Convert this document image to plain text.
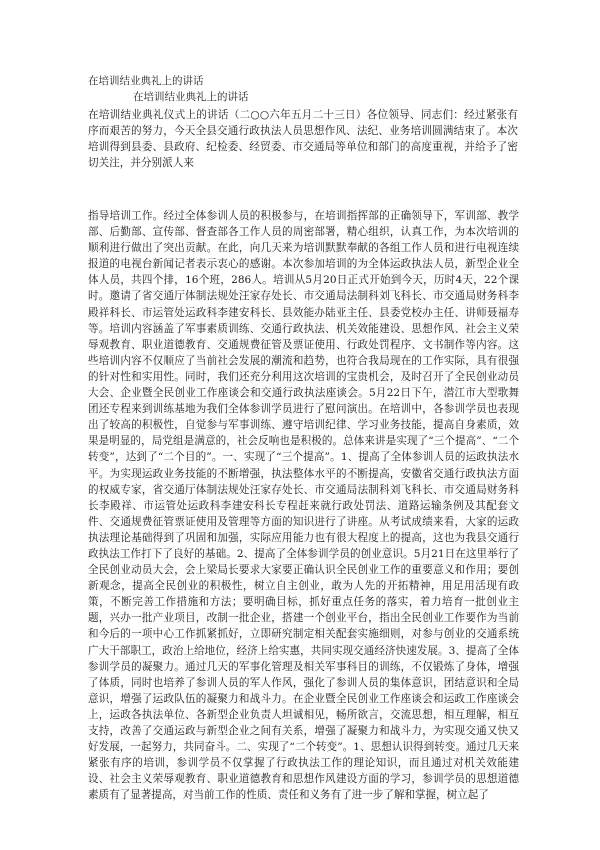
在培训结业典礼上的讲话
在培训结业典礼上的讲话

在培训结业典礼仪式上的讲话（二○○六年五月二十三日）各位领导、同志们：经过紧张有序而艰苦的努力，今天全县交通行政执法人员思想作风、法纪、业务培训圆满结束了。本次培训得到县委、县政府、纪检委、经贸委、市交通局等单位和部门的高度重视，并给予了密切关注，并分别派人来

指导培训工作。经过全体参训人员的积极参与，在培训指挥部的正确领导下，军训部、教学部、后勤部、宣传部、督查部各工作人员的周密部署，精心组织，认真工作，为本次培训的顺利进行做出了突出贡献。在此，向几天来为培训默默奉献的各组工作人员和进行电视连续报道的电视台新闻记者表示衷心的感谢。本次参加培训的为全体运政执法人员，新型企业全体人员，共四个排，16个班，286人。培训从5月20日正式开始到今天，历时4天，22个课时。邀请了省交通厅体制法规处汪家存处长、市交通局法制科刘飞科长、市交通局财务科李殿祥科长、市运管处运政科李建安科长、县效能办陆亚主任、县委党校办主任、讲师聂福寿等。培训内容涵盖了军事素质训练、交通行政执法、机关效能建设、思想作风、社会主义荣辱观教育、职业道德教育、交通规费征管及票证使用、行政处罚程序、文书制作等内容。这些培训内容不仅顺应了当前社会发展的潮流和趋势，也符合我局现在的工作实际，具有很强的针对性和实用性。同时，我们还充分利用这次培训的宝贵机会，及时召开了全民创业动员大会、企业暨全民创业工作座谈会和交通行政执法座谈会。5月22日下午，潜江市大型歌舞团还专程来到训练基地为我们全体参训学员进行了慰问演出。在培训中，各参训学员也表现出了较高的积极性，自觉参与军事训练、遵守培训纪律、学习业务技能，提高自身素质，效果是明显的，局党组是满意的，社会反响也是积极的。总体来讲是实现了“三个提高”、“二个转变”，达到了“二个目的”。一、实现了“三个提高”。1、提高了全体参训人员的运政执法水平。为实现运政业务技能的不断增强，执法整体水平的不断提高，安徽省交通行政执法方面的权威专家，省交通厅体制法规处汪家存处长、市交通局法制科刘飞科长、市交通局财务科长李殿祥、市运管处运政科李建安科长专程赶来就行政处罚法、道路运输条例及其配套文件、交通规费征管票证使用及管理等方面的知识进行了讲座。从考试成绩来看，大家的运政执法理论基础得到了巩固和加强，实际应用能力也有很大程度上的提高，这也为我县交通行政执法工作打下了良好的基础。2、提高了全体参训学员的创业意识。5月21日在这里举行了全民创业动员大会，会上梁局长要求大家要正确认识全民创业工作的重要意义和作用；要创新观念，提高全民创业的积极性，树立自主创业，敢为人先的开拓精神，用足用活现有政策，不断完善工作措施和方法；要明确目标，抓好重点任务的落实，着力培育一批创业主题，兴办一批产业项目，改制一批企业，搭建一个创业平台，指出全民创业工作要作为当前和今后的一项中心工作抓紧抓好，立即研究制定相关配套实施细则，对参与创业的交通系统广大干部职工，政治上给地位，经济上给实惠，共同实现交通经济快速发展。3、提高了全体参训学员的凝聚力。通过几天的军事化管理及相关军事科目的训练，不仅锻炼了身体，增强了体质，同时也培养了参训人员的军人作风，强化了参训人员的集体意识，团结意识和全局意识，增强了运政队伍的凝聚力和战斗力。在企业暨全民创业工作座谈会和运政工作座谈会上，运政各执法单位、各新型企业负责人坦诚相见，畅所欲言，交流思想，相互理解，相互支持，改善了交通运政与新型企业之间有关系，增强了凝聚力和战斗力，为实现交通又快又好发展，一起努力，共同奋斗。二、实现了“二个转变”。1、思想认识得到转变。通过几天来紧张有序的培训，参训学员不仅掌握了行政执法工作的理论知识，而且通过对机关效能建设、社会主义荣辱观教育、职业道德教育和思想作风建设方面的学习，参训学员的思想道德素质有了显著提高，对当前工作的性质、责任和义务有了进一步了解和掌握，树立起了
